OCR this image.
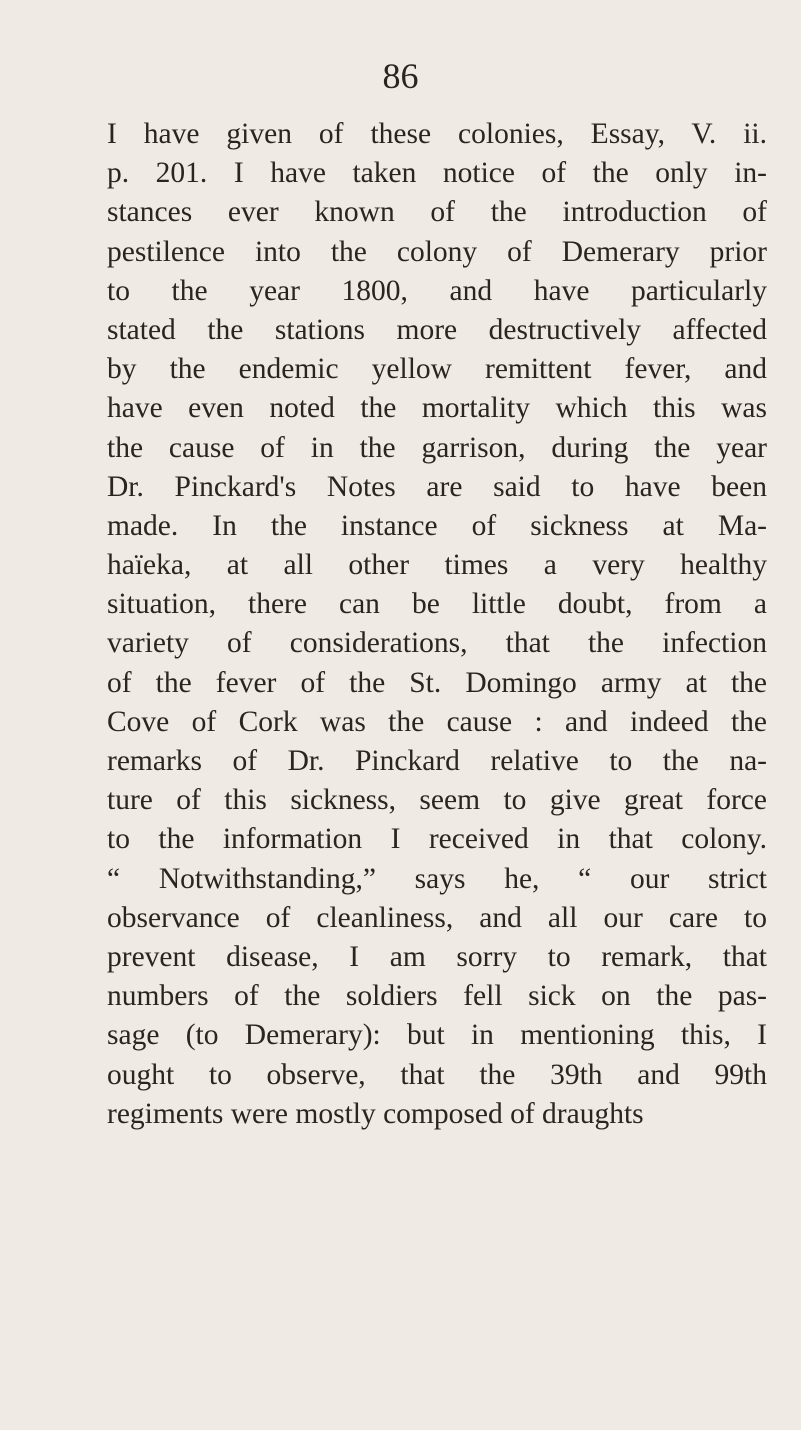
86
I have given of these colonies, Essay, V. ii.
p. 201. I have taken notice of the only in-
stances ever known of the introduction of
pestilence into the colony of Demerary prior
to the year 1800, and have particularly
stated the stations more destructively affected
by the endemic yellow remittent fever, and
have even noted the mortality which this was
the cause of in the garrison, during the year
Dr. Pinckard's Notes are said to have been
made. In the instance of sickness at Ma-
haïeka, at all other times a very healthy
situation, there can be little doubt, from a
variety of considerations, that the infection
of the fever of the St. Domingo army at the
Cove of Cork was the cause : and indeed the
remarks of Dr. Pinckard relative to the na-
ture of this sickness, seem to give great force
to the information I received in that colony.
“ Notwithstanding,” says he, “ our strict
observance of cleanliness, and all our care to
prevent disease, I am sorry to remark, that
numbers of the soldiers fell sick on the pas-
sage (to Demerary): but in mentioning this, I
ought to observe, that the 39th and 99th
regiments were mostly composed of draughts
